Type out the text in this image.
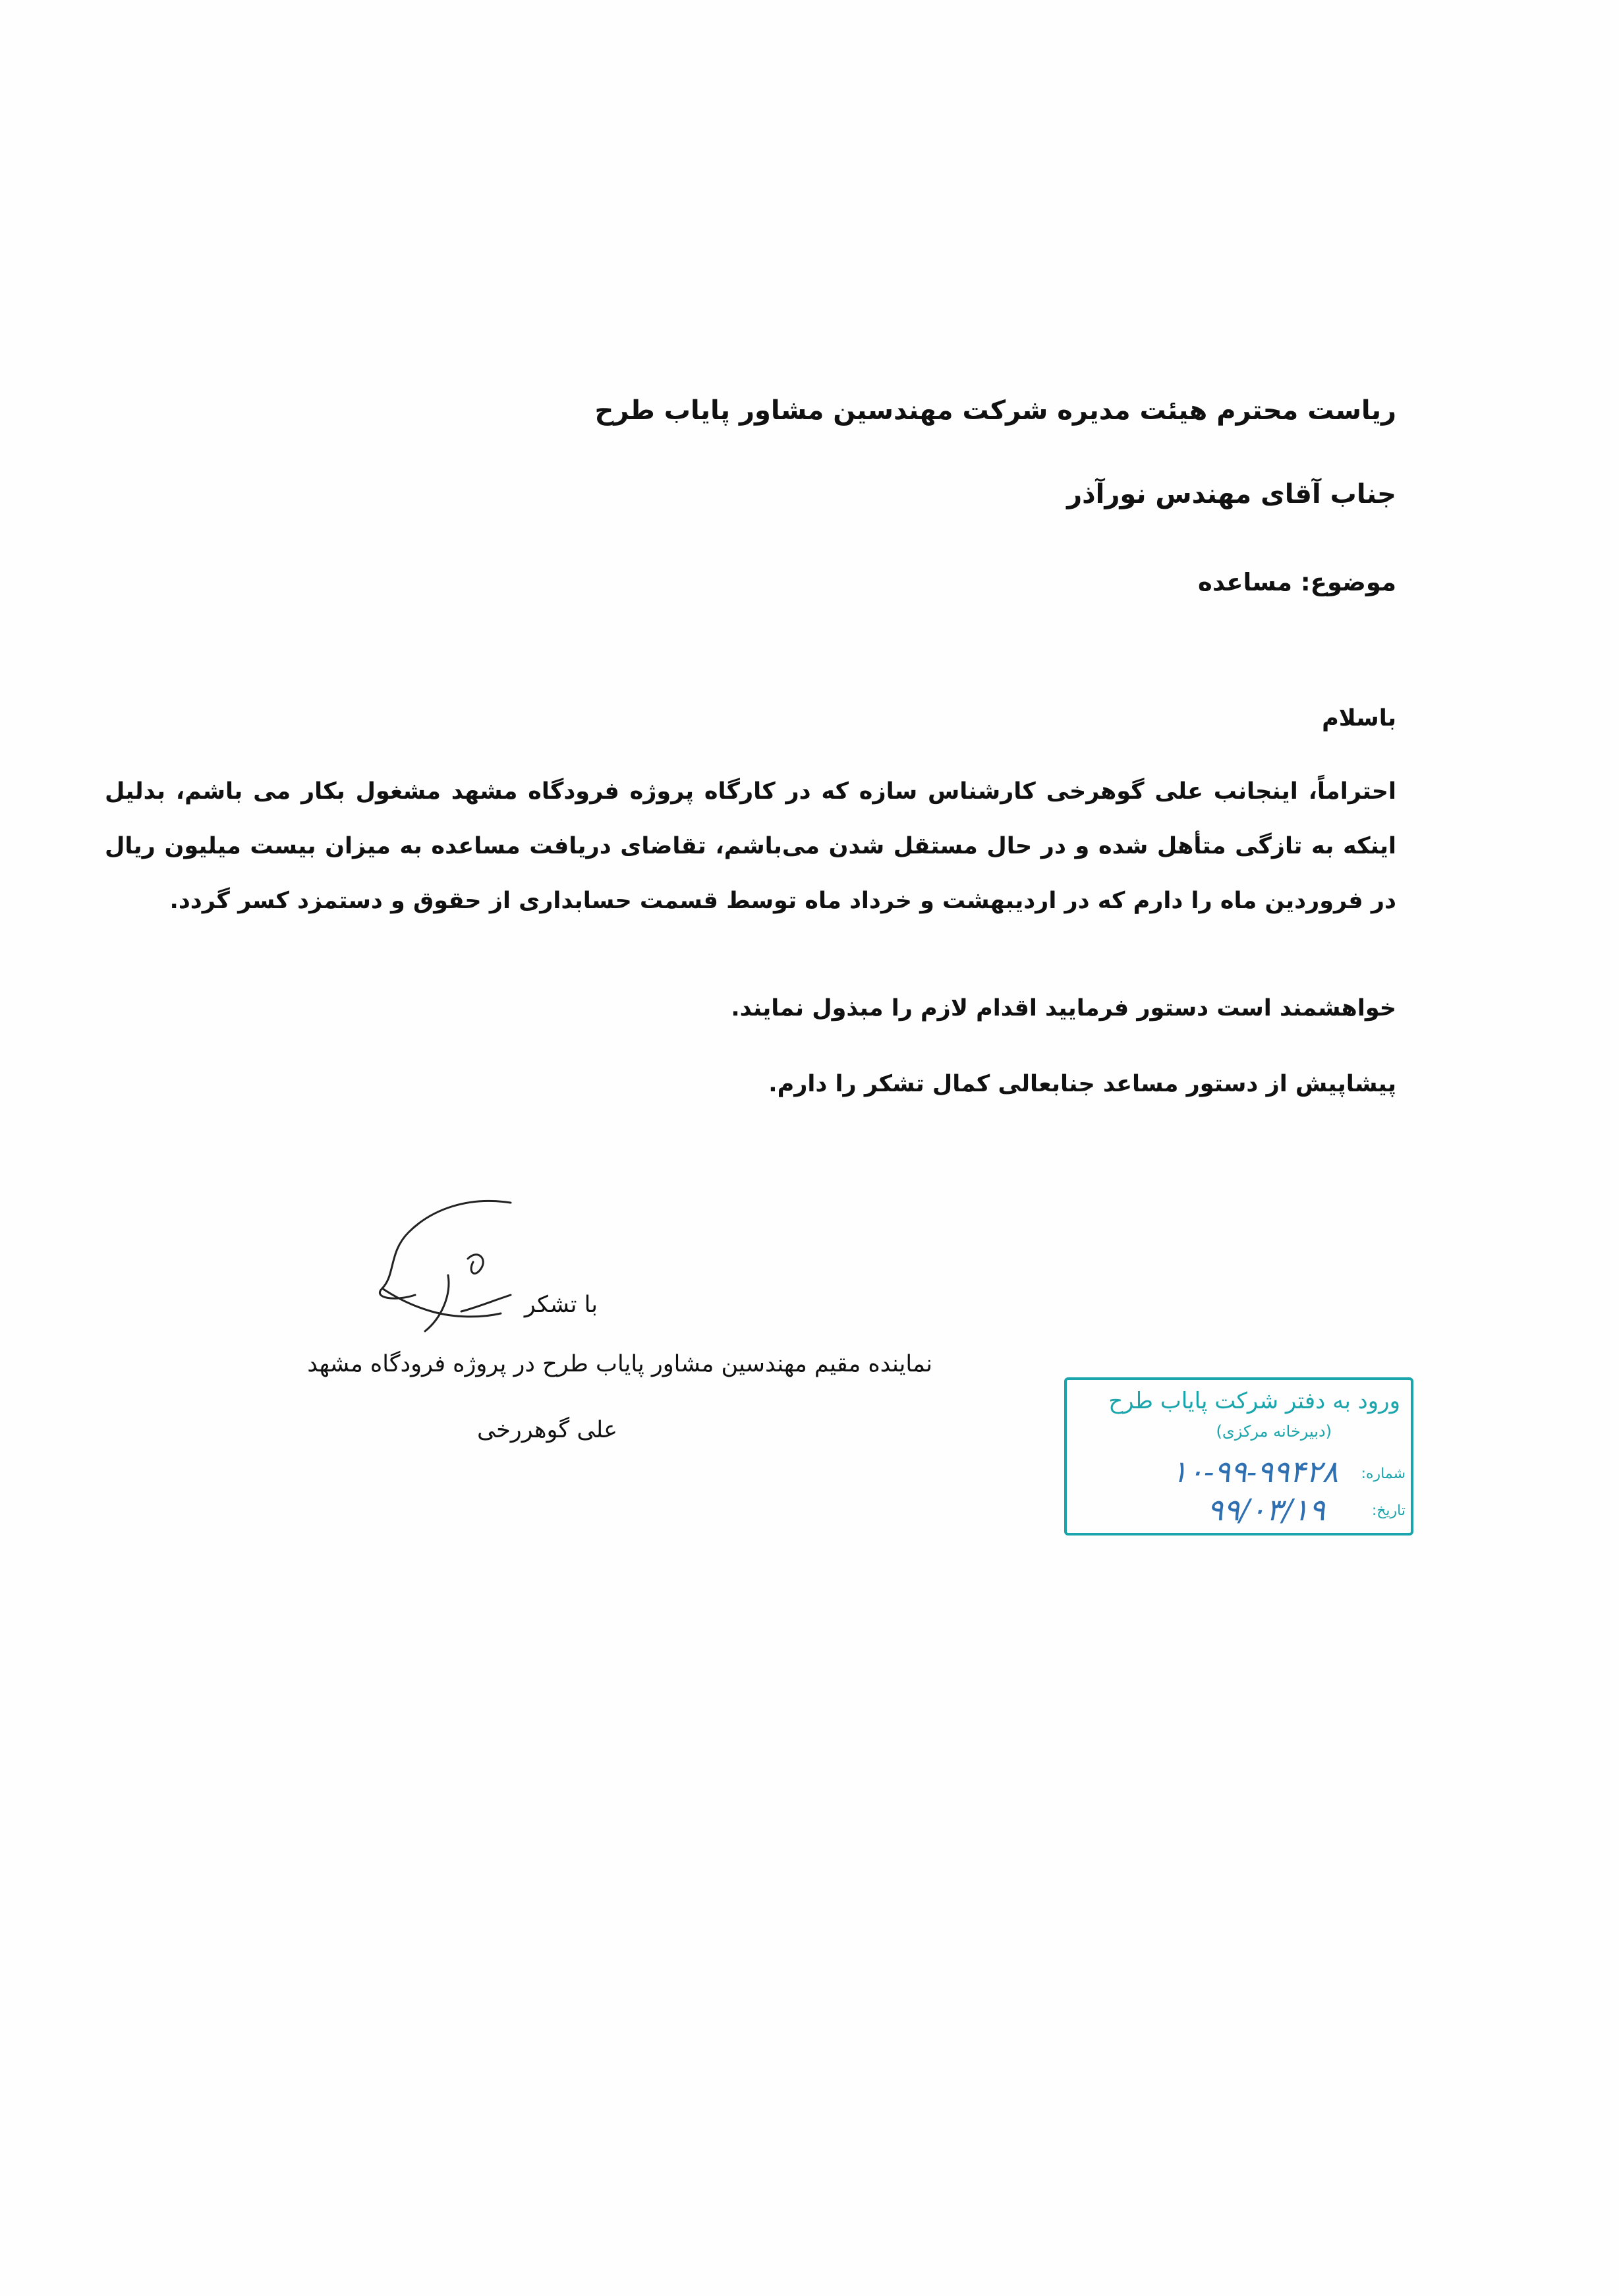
ریاست محترم هیئت مدیره شرکت مهندسین مشاور پایاب طرح
جناب آقای مهندس نورآذر
موضوع: مساعده
باسلام
احتراماً، اینجانب علی گوهرخی کارشناس سازه که در کارگاه پروژه فرودگاه مشهد مشغول بکار می باشم، بدلیل اینکه به تازگی متأهل شده و در حال مستقل شدن می‌باشم، تقاضای دریافت مساعده به میزان بیست میلیون ریال در فروردین ماه را دارم که در اردیبهشت و خرداد ماه توسط قسمت حسابداری از حقوق و دستمزد کسر گردد.
خواهشمند است دستور فرمایید اقدام لازم را مبذول نمایند.
پیشاپیش از دستور مساعد جنابعالی کمال تشکر را دارم.
با تشکر
نماینده مقیم مهندسین مشاور پایاب طرح در پروژه فرودگاه مشهد
علی گوهررخی
ورود به دفتر شرکت پایاب طرح
(دبیرخانه مرکزی)
شماره:
۱۰-۹۹-۹۹۴۲۸
تاریخ:
۹۹/۰۳/۱۹
